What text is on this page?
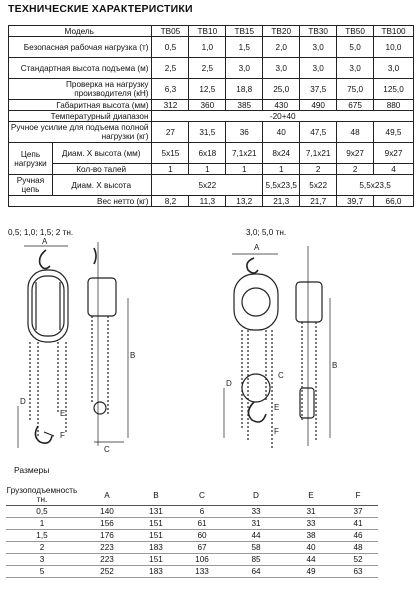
ТЕХНИЧЕСКИЕ ХАРАКТЕРИСТИКИ
Модель		TB05	TB10	TB15	TB20	TB30	TB50	TB100
Безопасная рабочая нагрузка (т)		0,5	1,0	1,5	2,0	3,0	5,0	10,0
Стандартная высота подъема (м)		2,5	2,5	3,0	3,0	3,0	3,0	3,0
Проверка на нагрузку производителя (кН)		6,3	12,5	18,8	25,0	37,5	75,0	125,0
Габаритная высота (мм)		312	360	385	430	490	675	880
Температурный диапазон		-20+40						
Ручное усилие для подъема полной нагрузки (кг)		27	31,5	36	40	47,5	48	49,5
Цепь нагрузки	Диам. X высота (мм)	5x15	6x18	7,1x21	8x24	7,1x21	9x27	9x27
	Кол-во талей	1	1	1	1	2	2	4
Ручная цепь	Диам. X высота	5x22			5,5x23,5	5x22	5,5x23,5	
Вес нетто (кг)		8,2	11,3	13,2	21,3	21,7	39,7	66,0
0,5; 1,0; 1,5; 2 тн.	3,0; 5,0 тн.
A
D
E
F
B
C
A
D
E
F
C
B
Размеры
Грузоподъемность тн.	A	B	C	D	E	F
0,5	140	131	6	33	31	37
1	156	151	61	31	33	41
1,5	176	151	60	44	38	46
2	223	183	67	58	40	48
3	223	151	106	85	44	52
5	252	183	133	64	49	63
